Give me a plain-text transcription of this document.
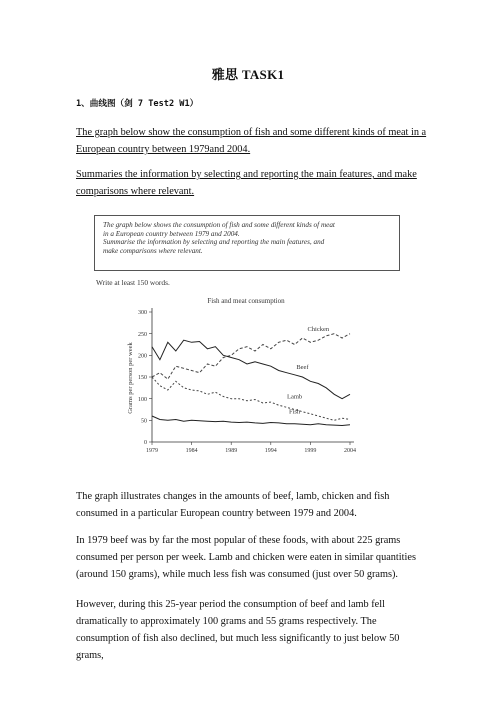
雅思 TASK1
1、曲线图（剑 7 Test2 W1）
The graph below show the consumption of fish and some different kinds of meat in a
European country between 1979and 2004.
Summaries the information by selecting and reporting the main features, and make
comparisons where relevant.
The graph below shows the consumption of fish and some different kinds of meat
in a European country between 1979 and 2004.
Summarise the information by selecting and reporting the main features, and
make comparisons where relevant.
Write at least 150 words.
Fish and meat consumption
Grams per person per week
0
50
100
150
200
250
300
1979	1984	1989	1994	1999	2004
Chicken
Beef
Lamb
Fish
The graph illustrates changes in the amounts of beef, lamb, chicken and fish
consumed in a particular European country between 1979 and 2004.
In 1979 beef was by far the most popular of these foods, with about 225 grams
consumed per person per week. Lamb and chicken were eaten in similar quantities
(around 150 grams), while much less fish was consumed (just over 50 grams).
However, during this 25-year period the consumption of beef and lamb fell
dramatically to approximately 100 grams and 55 grams respectively. The
consumption of fish also declined, but much less significantly to just below 50 grams,
